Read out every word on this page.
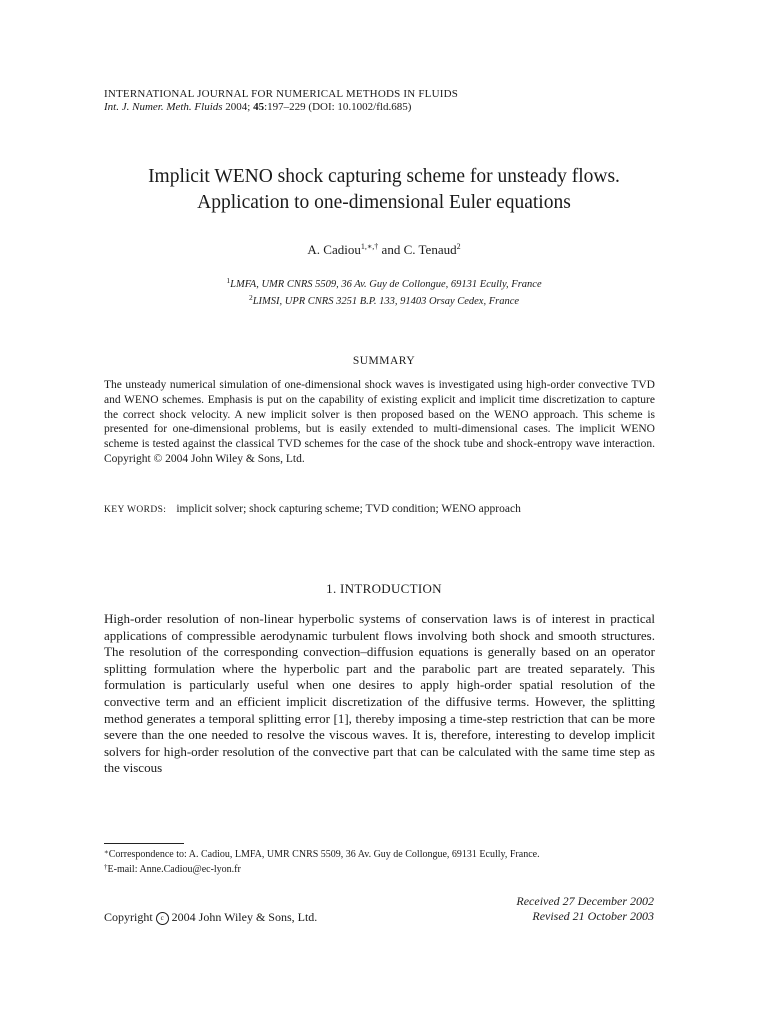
INTERNATIONAL JOURNAL FOR NUMERICAL METHODS IN FLUIDS
Int. J. Numer. Meth. Fluids 2004; 45:197–229 (DOI: 10.1002/fld.685)
Implicit WENO shock capturing scheme for unsteady flows.
Application to one-dimensional Euler equations
A. Cadiou$^{1,∗,\dagger}$ and C. Tenaud$^2$
$^1$LMFA, UMR CNRS 5509, 36 Av. Guy de Collongue, 69131 Ecully, France
$^2$LIMSI, UPR CNRS 3251 B.P. 133, 91403 Orsay Cedex, France
SUMMARY
The unsteady numerical simulation of one-dimensional shock waves is investigated using high-order convective TVD and WENO schemes. Emphasis is put on the capability of existing explicit and implicit time discretization to capture the correct shock velocity. A new implicit solver is then proposed based on the WENO approach. This scheme is presented for one-dimensional problems, but is easily extended to multi-dimensional cases. The implicit WENO scheme is tested against the classical TVD schemes for the case of the shock tube and shock-entropy wave interaction. Copyright © 2004 John Wiley & Sons, Ltd.
KEY WORDS: implicit solver; shock capturing scheme; TVD condition; WENO approach
1. INTRODUCTION
High-order resolution of non-linear hyperbolic systems of conservation laws is of interest in practical applications of compressible aerodynamic turbulent flows involving both shock and smooth structures. The resolution of the corresponding convection–diffusion equations is generally based on an operator splitting formulation where the hyperbolic part and the parabolic part are treated separately. This formulation is particularly useful when one desires to apply high-order spatial resolution of the convective term and an efficient implicit discretization of the diffusive terms. However, the splitting method generates a temporal splitting error [1], thereby imposing a time-step restriction that can be more severe than the one needed to resolve the viscous waves. It is, therefore, interesting to develop implicit solvers for high-order resolution of the convective part that can be calculated with the same time step as the viscous
∗Correspondence to: A. Cadiou, LMFA, UMR CNRS 5509, 36 Av. Guy de Collongue, 69131 Ecully, France.
†E-mail: Anne.Cadiou@ec-lyon.fr
Received 27 December 2002
Revised 21 October 2003
Copyright c 2004 John Wiley & Sons, Ltd.
